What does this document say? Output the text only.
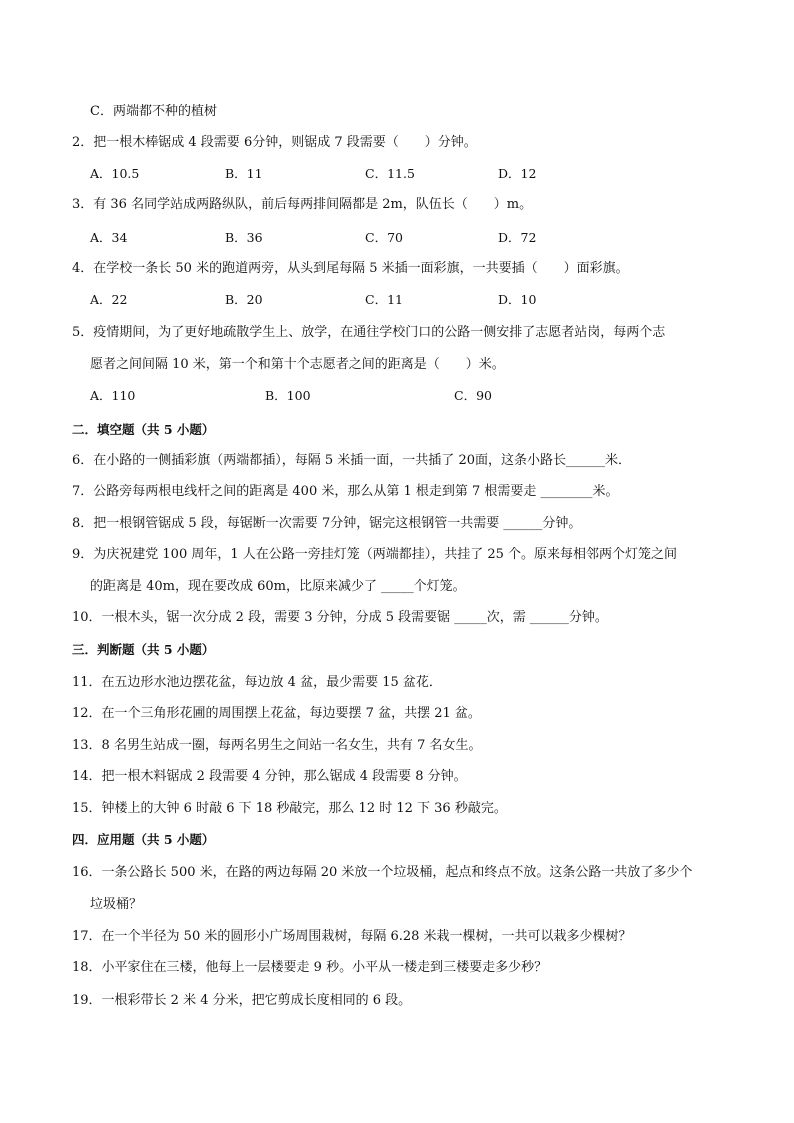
C．两端都不种的植树
2．把一根木棒锯成 4 段需要 6分钟，则锯成 7 段需要（　　）分钟。
A．10.5	B．11	C．11.5	D．12
3．有 36 名同学站成两路纵队，前后每两排间隔都是 2m，队伍长（　　）m。
A．34	B．36	C．70	D．72
4．在学校一条长 50 米的跑道两旁，从头到尾每隔 5 米插一面彩旗，一共要插（　　）面彩旗。
A．22	B．20	C．11	D．10
5．疫情期间，为了更好地疏散学生上、放学，在通往学校门口的公路一侧安排了志愿者站岗，每两个志
愿者之间间隔 10 米，第一个和第十个志愿者之间的距离是（　　）米。
A．110	B．100	C．90
二．填空题（共 5 小题）
6．在小路的一侧插彩旗（两端都插），每隔 5 米插一面，一共插了 20面，这条小路长______米．
7．公路旁每两根电线杆之间的距离是 400 米，那么从第 1 根走到第 7 根需要走 ________米。
8．把一根钢管锯成 5 段，每锯断一次需要 7分钟，锯完这根钢管一共需要 ______分钟。
9．为庆祝建党 100 周年，1 人在公路一旁挂灯笼（两端都挂），共挂了 25 个。原来每相邻两个灯笼之间
的距离是 40m，现在要改成 60m，比原来减少了 _____个灯笼。
10．一根木头，锯一次分成 2 段，需要 3 分钟，分成 5 段需要锯 _____次，需 ______分钟。
三．判断题（共 5 小题）
11．在五边形水池边摆花盆，每边放 4 盆，最少需要 15 盆花．
12．在一个三角形花圃的周围摆上花盆，每边要摆 7 盆，共摆 21 盆。
13．8 名男生站成一圈，每两名男生之间站一名女生，共有 7 名女生。
14．把一根木料锯成 2 段需要 4 分钟，那么锯成 4 段需要 8 分钟。
15．钟楼上的大钟 6 时敲 6 下 18 秒敲完，那么 12 时 12 下 36 秒敲完。
四．应用题（共 5 小题）
16．一条公路长 500 米，在路的两边每隔 20 米放一个垃圾桶，起点和终点不放。这条公路一共放了多少个
垃圾桶？
17．在一个半径为 50 米的圆形小广场周围栽树，每隔 6.28 米栽一棵树，一共可以栽多少棵树？
18．小平家住在三楼，他每上一层楼要走 9 秒。小平从一楼走到三楼要走多少秒？
19．一根彩带长 2 米 4 分米，把它剪成长度相同的 6 段。
